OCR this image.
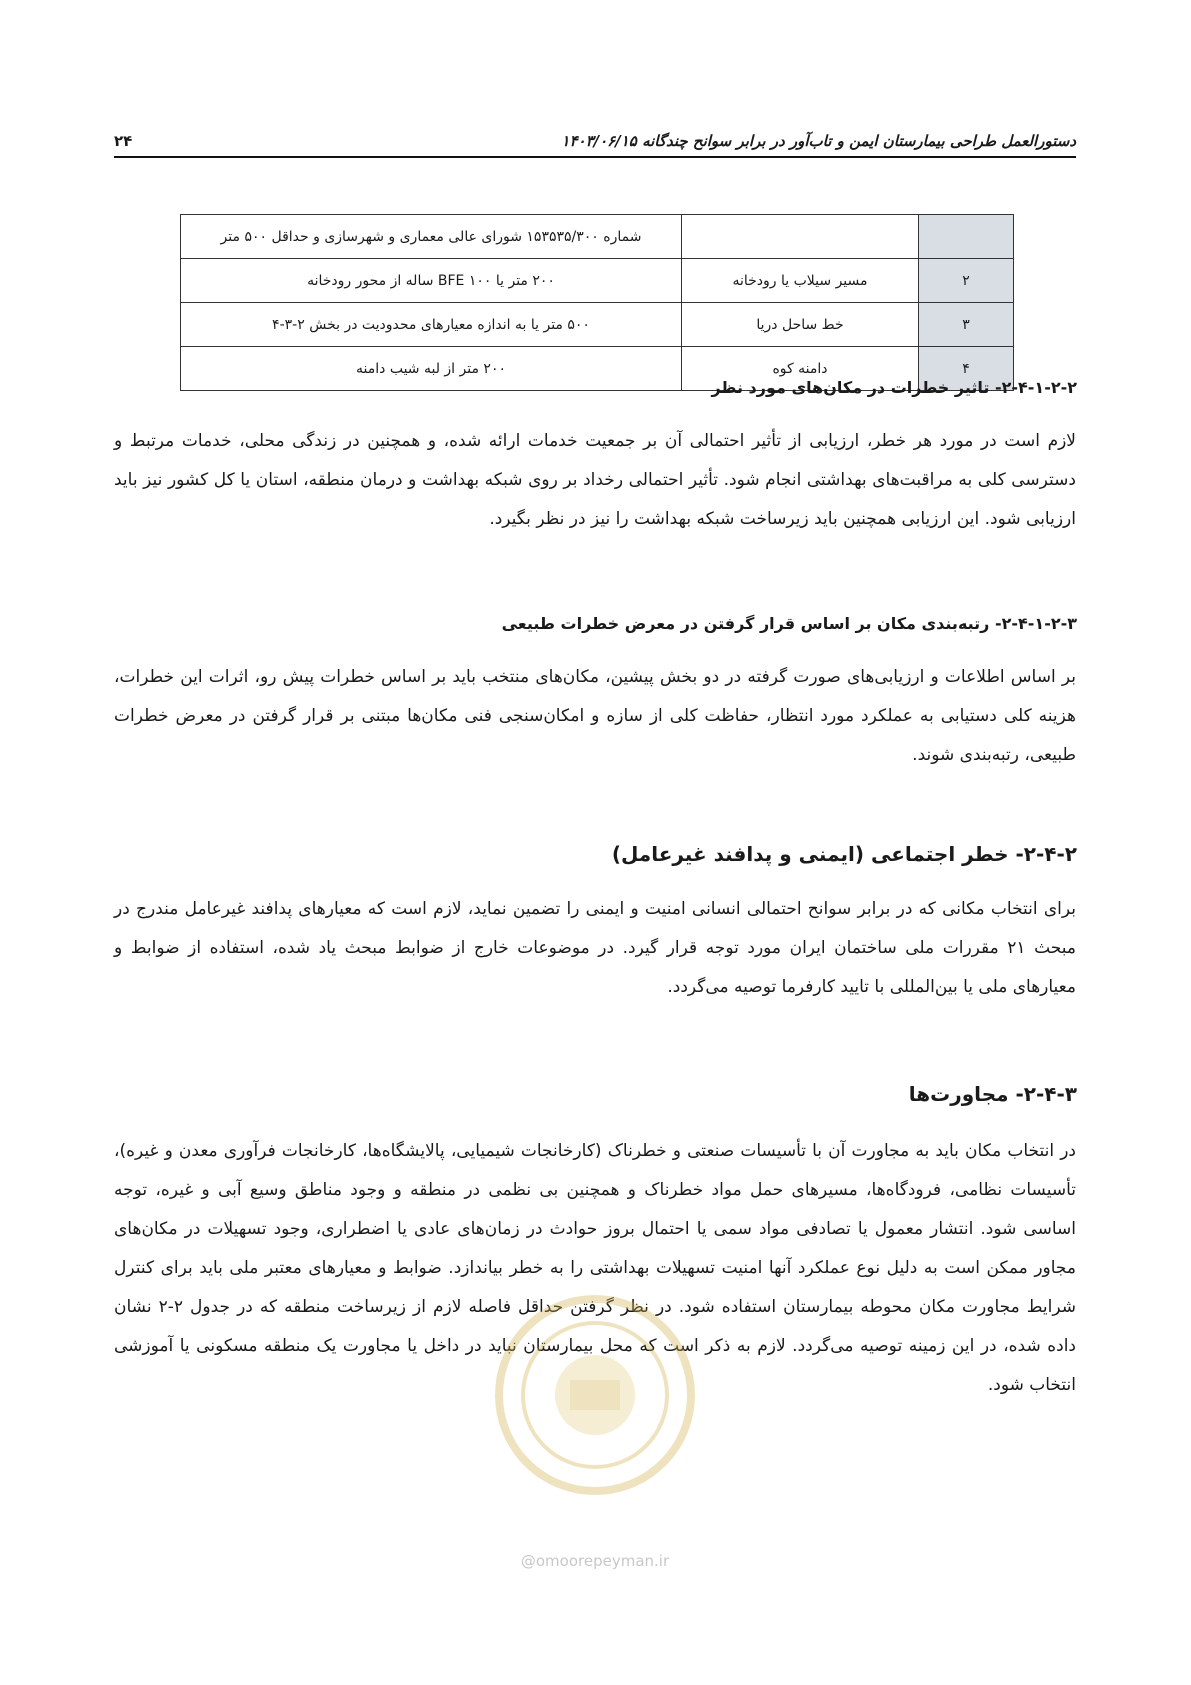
دستورالعمل طراحی بیمارستان ایمن و تاب‌آور در برابر سوانح چندگانه ۱۴۰۳/۰۶/۱۵
۲۴
		شماره ۱۵۳۵۳۵/۳۰۰ شورای عالی معماری و شهرسازی و حداقل ۵۰۰ متر
۲	مسیر سیلاب یا رودخانه	۲۰۰ متر یا BFE ۱۰۰ ساله از محور رودخانه
۳	خط ساحل دریا	۵۰۰ متر یا به اندازه معیارهای محدودیت در بخش ۲-۳-۴
۴	دامنه کوه	۲۰۰ متر از لبه شیب دامنه
۲-۴-۱-۲-۲- تاثیر خطرات در مکان‌های مورد نظر
لازم است در مورد هر خطر، ارزیابی از تأثیر احتمالی آن بر جمعیت خدمات ارائه شده، و همچنین در زندگی محلی، خدمات مرتبط و دسترسی کلی به مراقبت‌های بهداشتی انجام شود. تأثیر احتمالی رخداد بر روی شبکه بهداشت و درمان منطقه، استان یا کل کشور نیز باید ارزیابی شود. این ارزیابی همچنین باید زیرساخت شبکه بهداشت را نیز در نظر بگیرد.
۲-۴-۱-۲-۳- رتبه‌بندی مکان بر اساس قرار گرفتن در معرض خطرات طبیعی
بر اساس اطلاعات و ارزیابی‌های صورت گرفته در دو بخش پیشین، مکان‌های منتخب باید بر اساس خطرات پیش رو، اثرات این خطرات، هزینه کلی دستیابی به عملکرد مورد انتظار، حفاظت کلی از سازه و امکان‌سنجی فنی مکان‌ها مبتنی بر قرار گرفتن در معرض خطرات طبیعی، رتبه‌بندی شوند.
۲-۴-۲- خطر اجتماعی (ایمنی و پدافند غیرعامل)
برای انتخاب مکانی که در برابر سوانح احتمالی انسانی امنیت و ایمنی را تضمین نماید، لازم است که معیارهای پدافند غیرعامل مندرج در مبحث ۲۱ مقررات ملی ساختمان ایران مورد توجه قرار گیرد. در موضوعات خارج از ضوابط مبحث یاد شده، استفاده از ضوابط و معیارهای ملی یا بین‌المللی با تایید کارفرما توصیه می‌گردد.
۲-۴-۳- مجاورت‌ها
در انتخاب مکان باید به مجاورت آن با تأسیسات صنعتی و خطرناک (کارخانجات شیمیایی، پالایشگاه‌ها، کارخانجات فرآوری معدن و غیره)، تأسیسات نظامی، فرودگاه‌ها، مسیرهای حمل مواد خطرناک و همچنین بی نظمی در منطقه و وجود مناطق وسیع آبی و غیره، توجه اساسی شود. انتشار معمول یا تصادفی مواد سمی یا احتمال بروز حوادث در زمان‌های عادی یا اضطراری، وجود تسهیلات در مکان‌های مجاور ممکن است به دلیل نوع عملکرد آنها امنیت تسهیلات بهداشتی را به خطر بیاندازد. ضوابط و معیارهای معتبر ملی باید برای کنترل شرایط مجاورت مکان محوطه بیمارستان استفاده شود. در نظر گرفتن حداقل فاصله لازم از زیرساخت منطقه که در جدول ۲-۲ نشان داده شده، در این زمینه توصیه می‌گردد. لازم به ذکر است که محل بیمارستان نباید در داخل یا مجاورت یک منطقه مسکونی یا آموزشی انتخاب شود.
@omoorepeyman.ir
